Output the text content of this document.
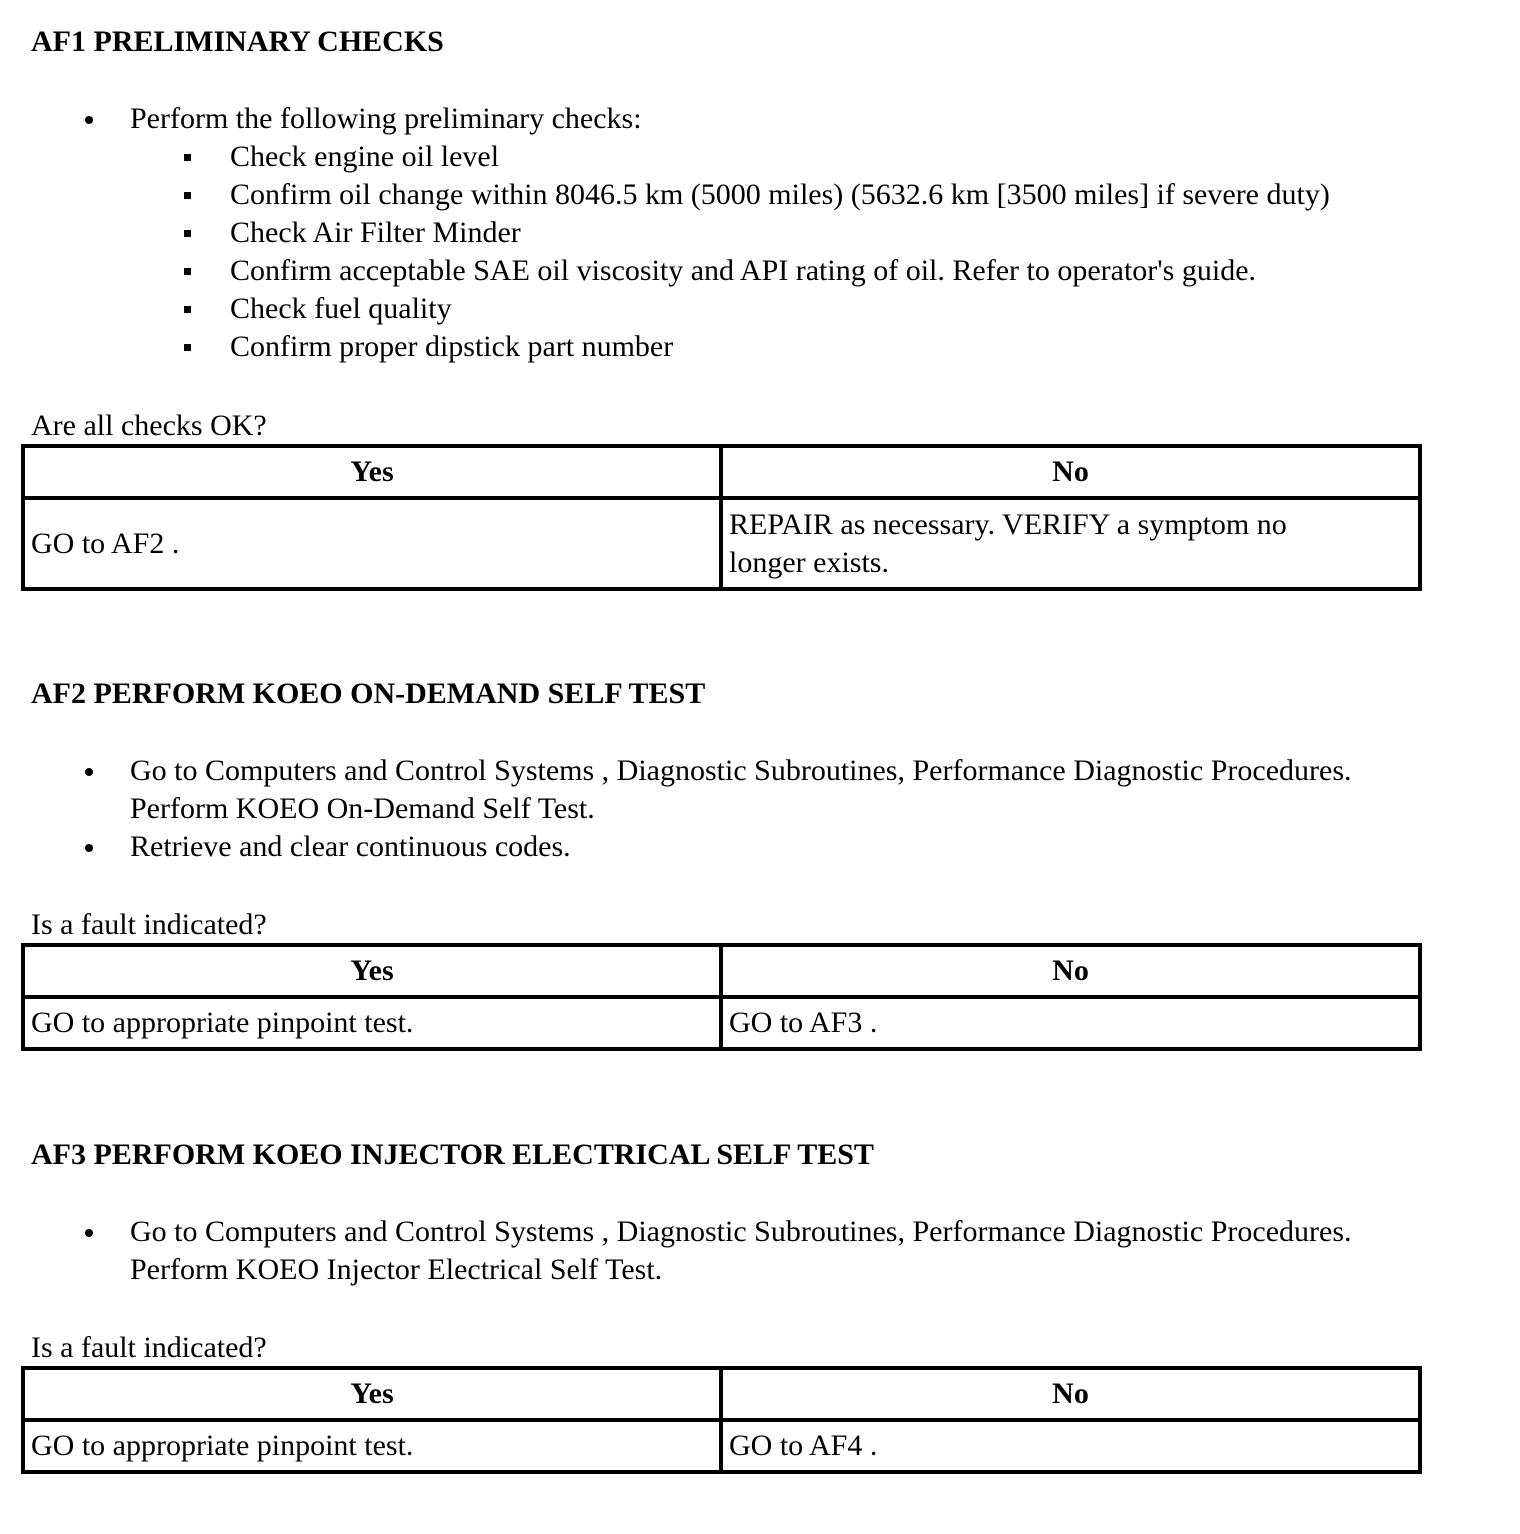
AF1 PRELIMINARY CHECKS
Perform the following preliminary checks:
Check engine oil level
Confirm oil change within 8046.5 km (5000 miles) (5632.6 km [3500 miles] if severe duty)
Check Air Filter Minder
Confirm acceptable SAE oil viscosity and API rating of oil. Refer to operator's guide.
Check fuel quality
Confirm proper dipstick part number
Are all checks OK?
Yes	No
GO to AF2 .	REPAIR as necessary. VERIFY a symptom no
longer exists.
AF2 PERFORM KOEO ON-DEMAND SELF TEST
Go to Computers and Control Systems , Diagnostic Subroutines, Performance Diagnostic Procedures.
Perform KOEO On-Demand Self Test.
Retrieve and clear continuous codes.
Is a fault indicated?
Yes	No
GO to appropriate pinpoint test.	GO to AF3 .
AF3 PERFORM KOEO INJECTOR ELECTRICAL SELF TEST
Go to Computers and Control Systems , Diagnostic Subroutines, Performance Diagnostic Procedures.
Perform KOEO Injector Electrical Self Test.
Is a fault indicated?
Yes	No
GO to appropriate pinpoint test.	GO to AF4 .
